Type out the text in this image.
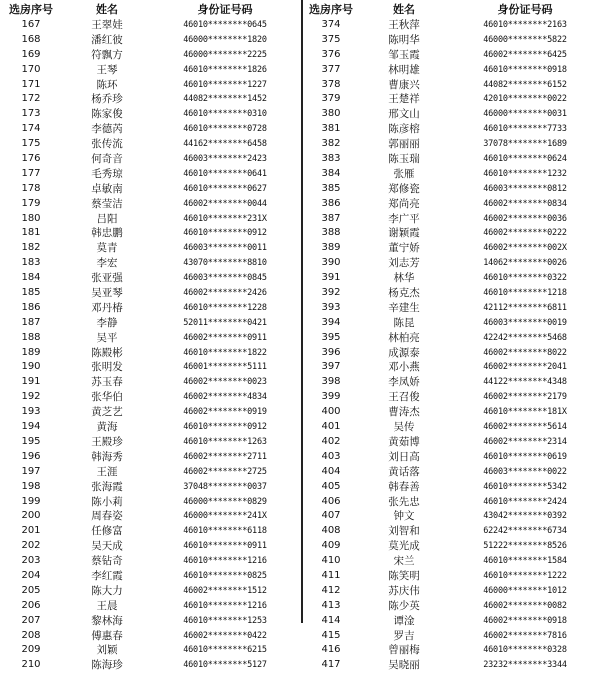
选房序号	姓名	身份证号码
167	王翠娃	46010********0645
168	潘红彼	46000********1820
169	符飘方	46000********2225
170	王琴	46010********1826
171	陈环	46010********1227
172	杨乔珍	44082********1452
173	陈家俊	46010********0310
174	李德芮	46010********0728
175	张传流	44162********6458
176	何奇音	46003********2423
177	毛秀琼	46010********0641
178	卓敏南	46010********0627
179	蔡莹洁	46002********0044
180	吕阳	46010********231X
181	韩忠鹏	46010********0912
182	莫青	46003********0011
183	李宏	43070********8810
184	张亚强	46003********0845
185	吴亚琴	46002********2426
186	邓丹椿	46010********1228
187	李静	52011********0421
188	吴平	46002********0911
189	陈殿彬	46010********1822
190	张明发	46001********5111
191	苏玉春	46002********0023
192	张华伯	46002********4834
193	黄芝艺	46002********0919
194	黄海	46010********0912
195	王殿珍	46010********1263
196	韩海秀	46002********2711
197	王涯	46002********2725
198	张海霞	37048********0037
199	陈小莉	46000********0829
200	周春姿	46000********241X
201	任修富	46010********6118
202	吴天成	46010********0911
203	蔡钻奇	46010********1216
204	李红霞	46010********0825
205	陈大力	46002********1512
206	王晨	46010********1216
207	黎林海	46010********1253
208	傅惠春	46002********0422
209	刘颖	46010********6215
210	陈海珍	46010********5127
选房序号	姓名	身份证号码
374	王秋萍	46010********2163
375	陈明华	46000********5822
376	邹玉霞	46002********6425
377	林明雄	46010********0918
378	曹康兴	44082********6152
379	王楚祥	42010********0022
380	邢文山	46000********0031
381	陈彦榕	46010********7733
382	郭丽丽	37078********1689
383	陈玉瑞	46010********0624
384	张雁	46010********1232
385	郑修瓷	46003********0812
386	郑尚亮	46002********0834
387	李广平	46002********0036
388	谢颖霞	46002********0222
389	董宁娇	46002********002X
390	刘志芳	14062********0026
391	林华	46010********0322
392	杨克杰	46010********1218
393	辛建生	42112********6811
394	陈昆	46003********0019
395	林柏亮	42242********5468
396	成源泰	46002********8022
397	邓小燕	46002********2041
398	李凤娇	44122********4348
399	王召俊	46002********2179
400	曹涛杰	46010********181X
401	吴传	46002********5614
402	黄茹博	46002********2314
403	刘日高	46010********0619
404	黄话落	46003********0022
405	韩春善	46010********5342
406	张先忠	46010********2424
407	钟文	43042********0392
408	刘智和	62242********6734
409	莫光成	51222********8526
410	宋兰	46010********1584
411	陈笑明	46010********1222
412	苏庆伟	46000********1012
413	陈少英	46002********0082
414	谭淦	46002********0918
415	罗吉	46002********7816
416	曾丽梅	46010********0328
417	吴晓丽	23232********3344
